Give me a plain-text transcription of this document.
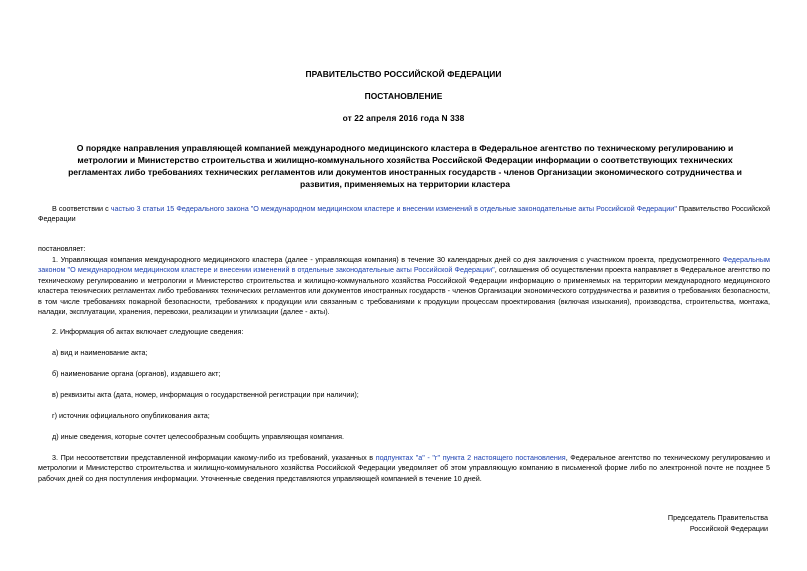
ПРАВИТЕЛЬСТВО РОССИЙСКОЙ ФЕДЕРАЦИИ
ПОСТАНОВЛЕНИЕ
от 22 апреля 2016 года N 338
О порядке направления управляющей компанией международного медицинского кластера в Федеральное агентство по техническому регулированию и метрологии и Министерство строительства и жилищно-коммунального хозяйства Российской Федерации информации о соответствующих технических регламентах либо требованиях технических регламентов или документов иностранных государств - членов Организации экономического сотрудничества и развития, применяемых на территории кластера
В соответствии с частью 3 статьи 15 Федерального закона "О международном медицинском кластере и внесении изменений в отдельные законодательные акты Российской Федерации" Правительство Российской Федерации
постановляет:
1. Управляющая компания международного медицинского кластера (далее - управляющая компания) в течение 30 календарных дней со дня заключения с участником проекта, предусмотренного Федеральным законом "О международном медицинском кластере и внесении изменений в отдельные законодательные акты Российской Федерации", соглашения об осуществлении проекта направляет в Федеральное агентство по техническому регулированию и метрологии и Министерство строительства и жилищно-коммунального хозяйства Российской Федерации информацию о применяемых на территории международного медицинского кластера технических регламентах либо требованиях технических регламентов или документов иностранных государств - членов Организации экономического сотрудничества и развития о требованиях безопасности, в том числе требованиях пожарной безопасности, требованиях к продукции или связанным с требованиями к продукции процессам проектирования (включая изыскания), производства, строительства, монтажа, наладки, эксплуатации, хранения, перевозки, реализации и утилизации (далее - акты).
2. Информация об актах включает следующие сведения:
а) вид и наименование акта;
б) наименование органа (органов), издавшего акт;
в) реквизиты акта (дата, номер, информация о государственной регистрации при наличии);
г) источник официального опубликования акта;
д) иные сведения, которые сочтет целесообразным сообщить управляющая компания.
3. При несоответствии представленной информации какому-либо из требований, указанных в подпунктах "а" - "г" пункта 2 настоящего постановления, Федеральное агентство по техническому регулированию и метрологии и Министерство строительства и жилищно-коммунального хозяйства Российской Федерации уведомляет об этом управляющую компанию в письменной форме либо по электронной почте не позднее 5 рабочих дней со дня поступления информации. Уточненные сведения представляются управляющей компанией в течение 10 дней.
Председатель Правительства
Российской Федерации
